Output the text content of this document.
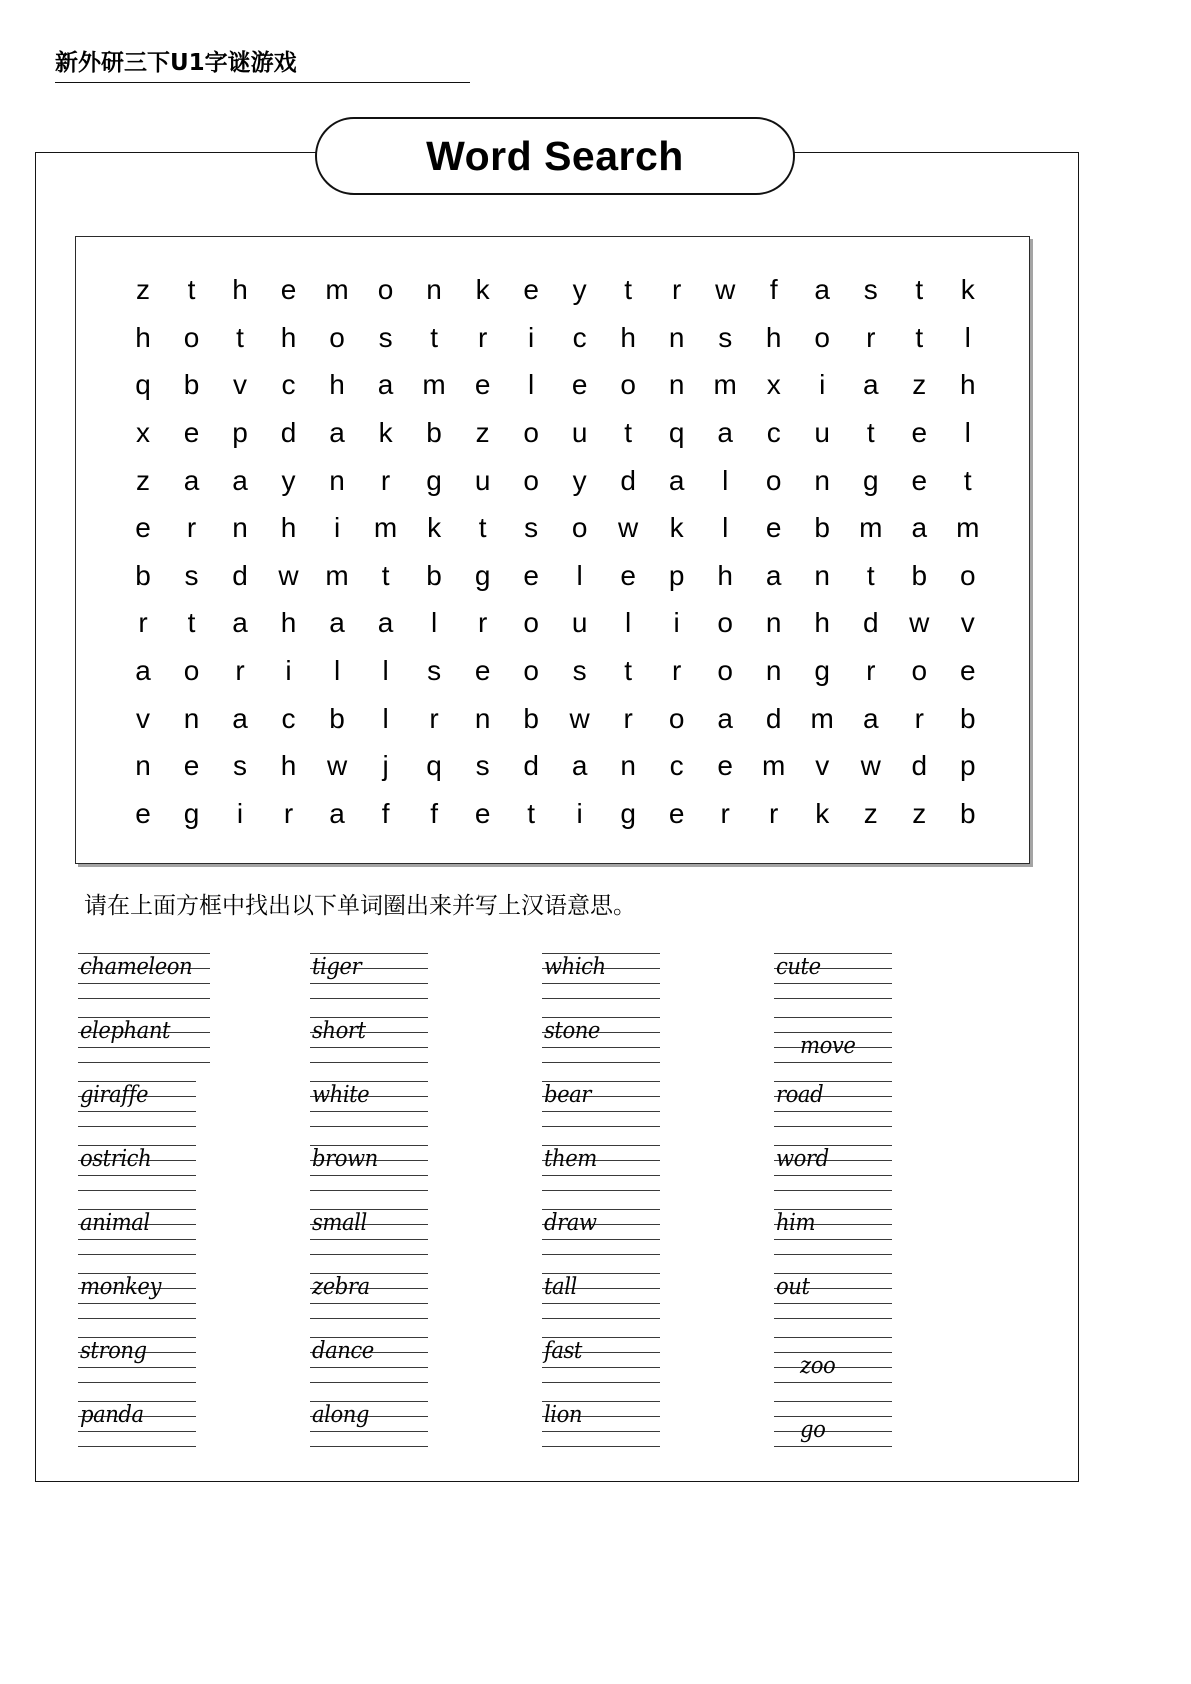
新外研三下U1字谜游戏
Word Search
z	t	h	e	m	o	n	k	e	y	t	r	w	f	a	s	t	k
h	o	t	h	o	s	t	r	i	c	h	n	s	h	o	r	t	l
q	b	v	c	h	a	m	e	l	e	o	n	m	x	i	a	z	h
x	e	p	d	a	k	b	z	o	u	t	q	a	c	u	t	e	l
z	a	a	y	n	r	g	u	o	y	d	a	l	o	n	g	e	t
e	r	n	h	i	m	k	t	s	o	w	k	l	e	b	m	a	m
b	s	d	w m	t	b	g	e	l	e	p	h	a	n	t	b	o
r	t	a	h	a	a	l	r	o	u	l	i	o	n	h	d	w	v
a	o	r	i	l	l	s	e	o	s	t	r	o	n	g	r	o	e
v	n	a	c	b	l	r	n	b	w	r	o	a	d	m	a	r	b
n	e	s	h	w	j	q	s	d	a	n	c	e	m	v	w	d	p
e	g	i	r	a	f	f	e	t	i	g	e	r	r	k	z	z	b
请在上面方框中找出以下单词圈出来并写上汉语意思。
chameleon
elephant
giraffe
ostrich
animal
monkey
strong
panda
tiger
short
white
brown
small
zebra
dance
along
which
stone
bear
them
draw
tall
fast
lion
cute
move
road
word
him
out
zoo
go
